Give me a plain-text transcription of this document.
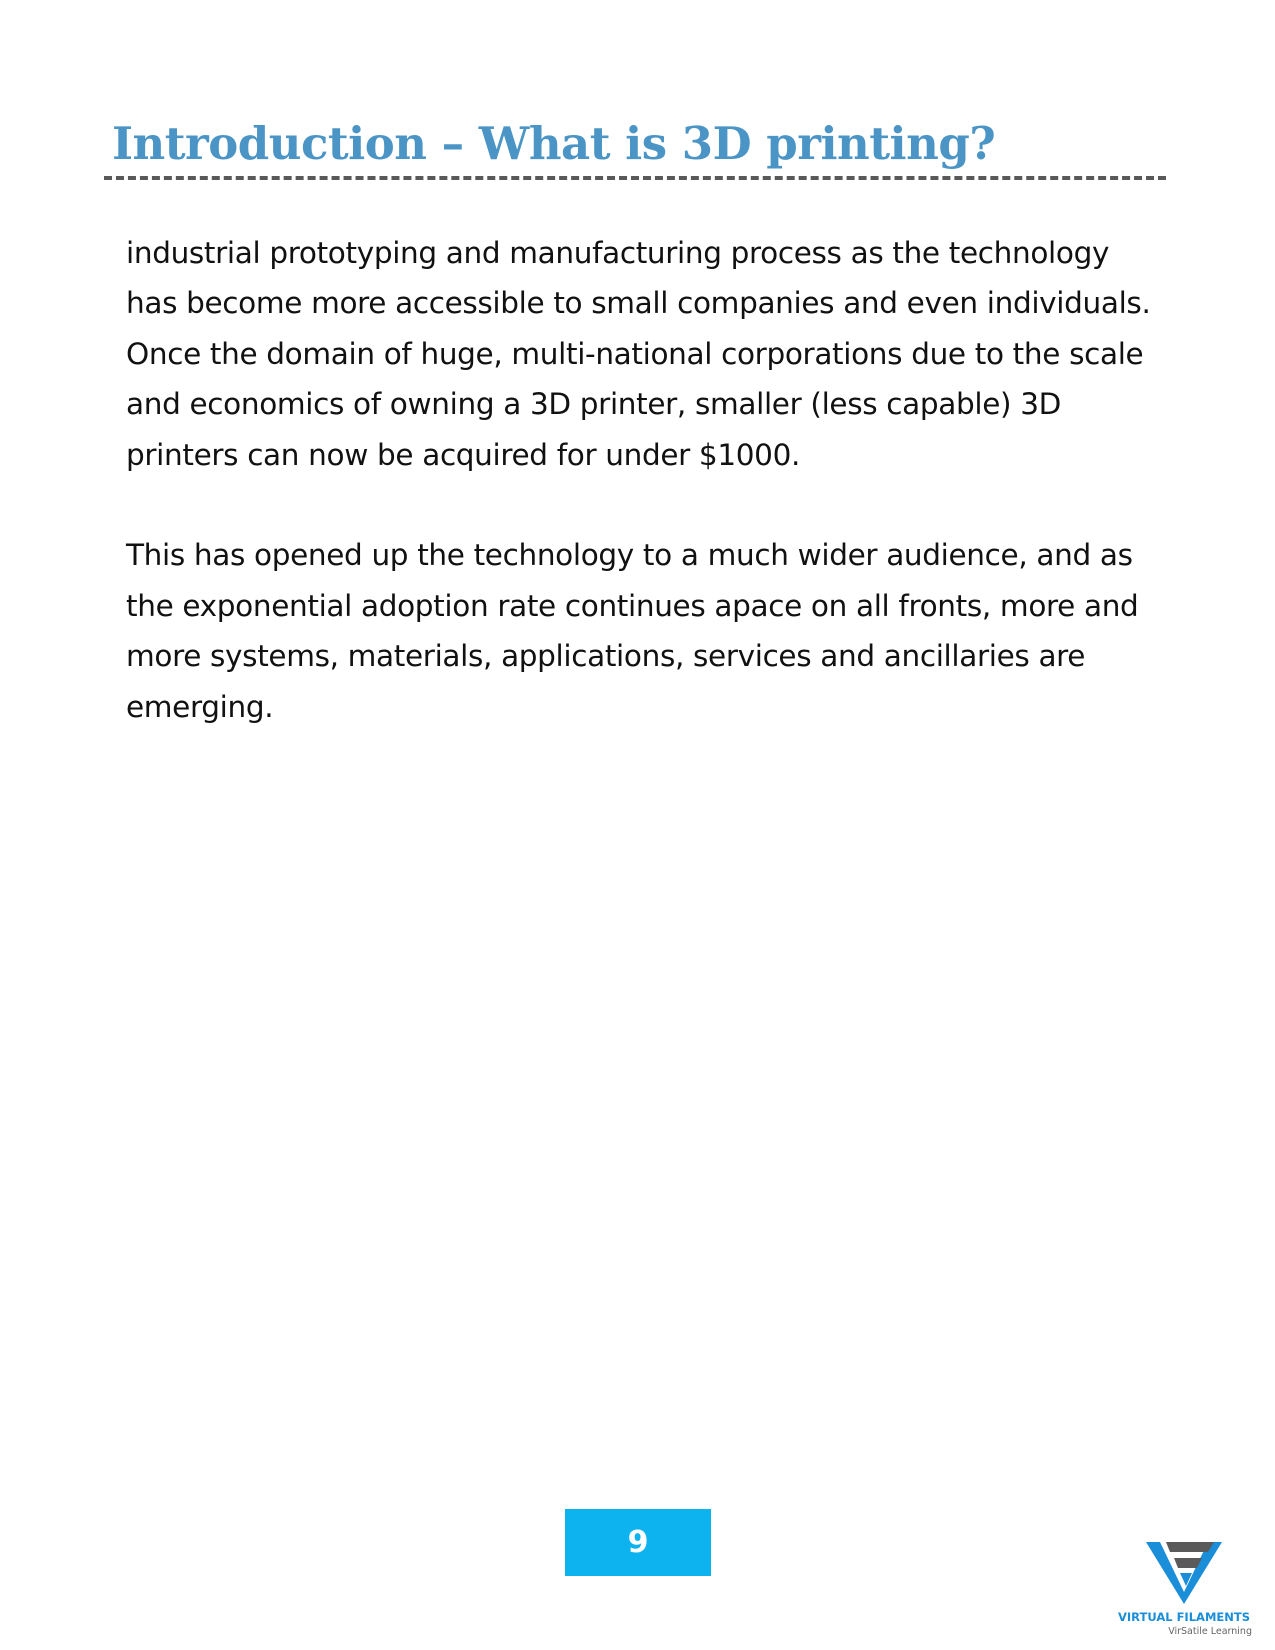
Introduction – What is 3D printing?

industrial prototyping and manufacturing process as the technology has become more accessible to small companies and even individuals. Once the domain of huge, multi-national corporations due to the scale and economics of owning a 3D printer, smaller (less capable) 3D printers can now be acquired for under $1000.

This has opened up the technology to a much wider audience, and as the exponential adoption rate continues apace on all fronts, more and more systems, materials, applications, services and ancillaries are emerging.

9
VIRTUAL FILAMENTS
VirSatile Learning
